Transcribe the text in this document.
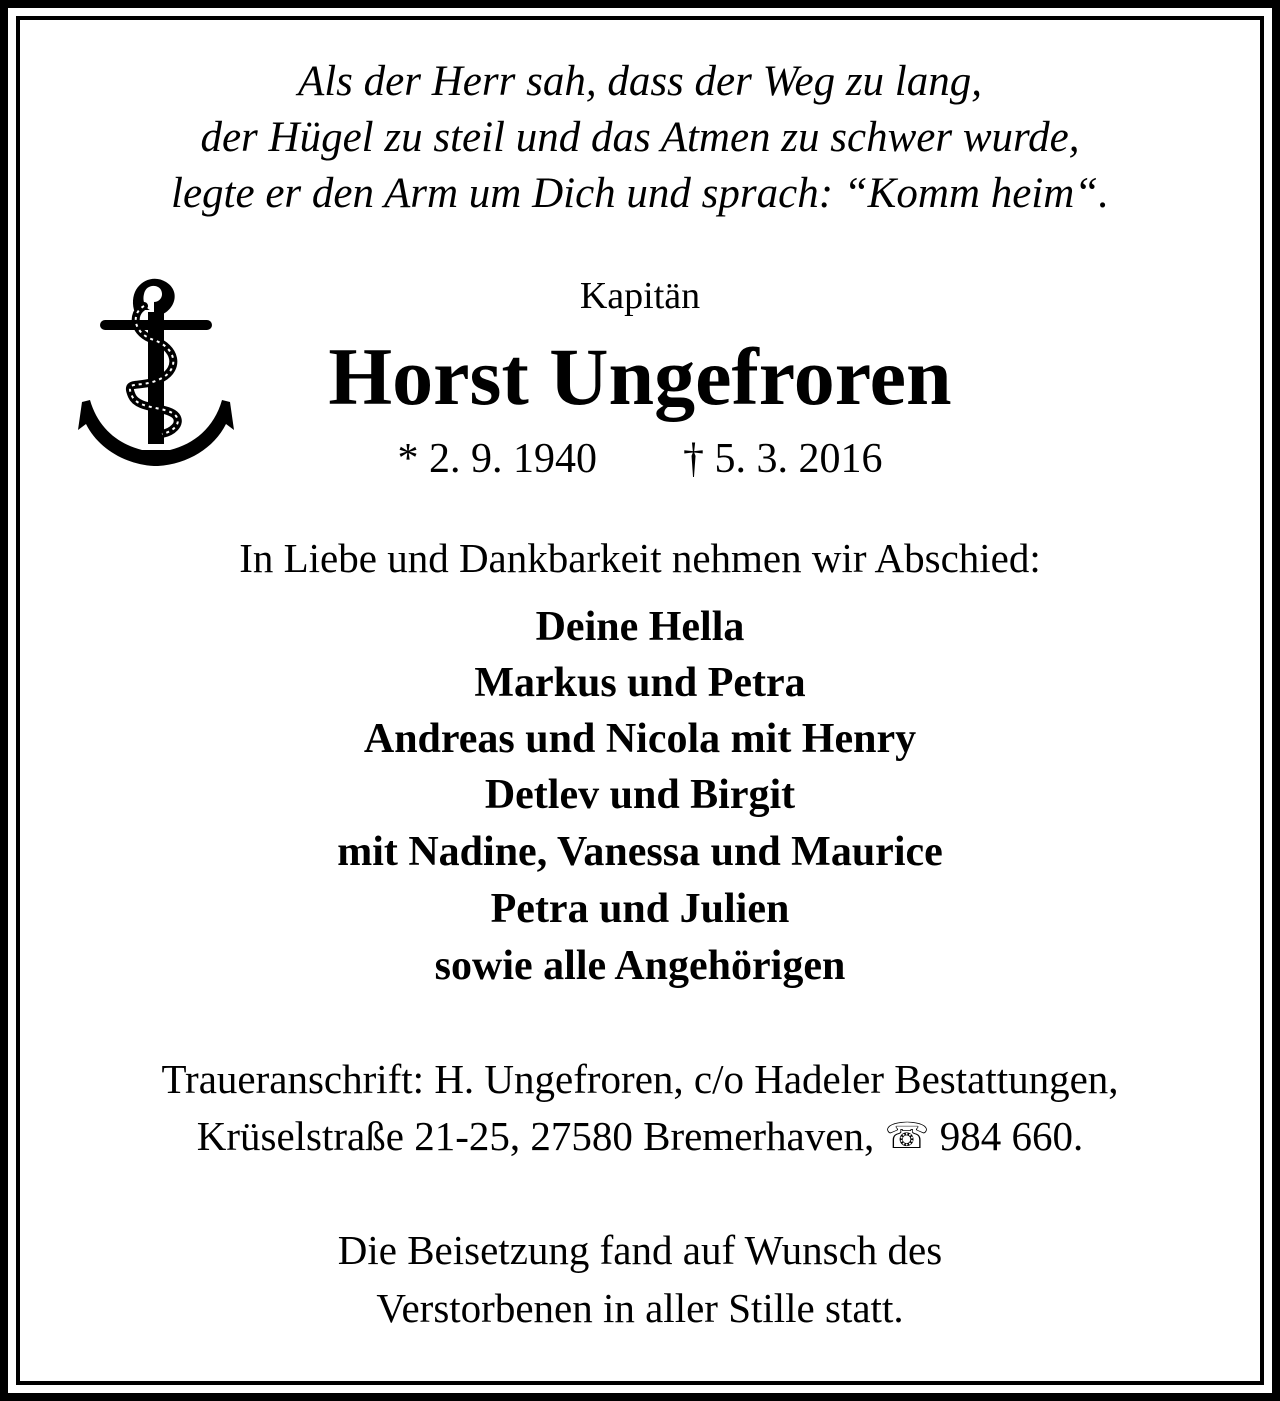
Als der Herr sah, dass der Weg zu lang,
der Hügel zu steil und das Atmen zu schwer wurde,
legte er den Arm um Dich und sprach: “Komm heim“.
Kapitän
Horst Ungefroren
* 2. 9. 1940 † 5. 3. 2016
In Liebe und Dankbarkeit nehmen wir Abschied:
Deine Hella
Markus und Petra
Andreas und Nicola mit Henry
Detlev und Birgit
mit Nadine, Vanessa und Maurice
Petra und Julien
sowie alle Angehörigen
Traueranschrift: H. Ungefroren, c/o Hadeler Bestattungen,
Krüselstraße 21-25, 27580 Bremerhaven, ☏ 984 660.
Die Beisetzung fand auf Wunsch des
Verstorbenen in aller Stille statt.
